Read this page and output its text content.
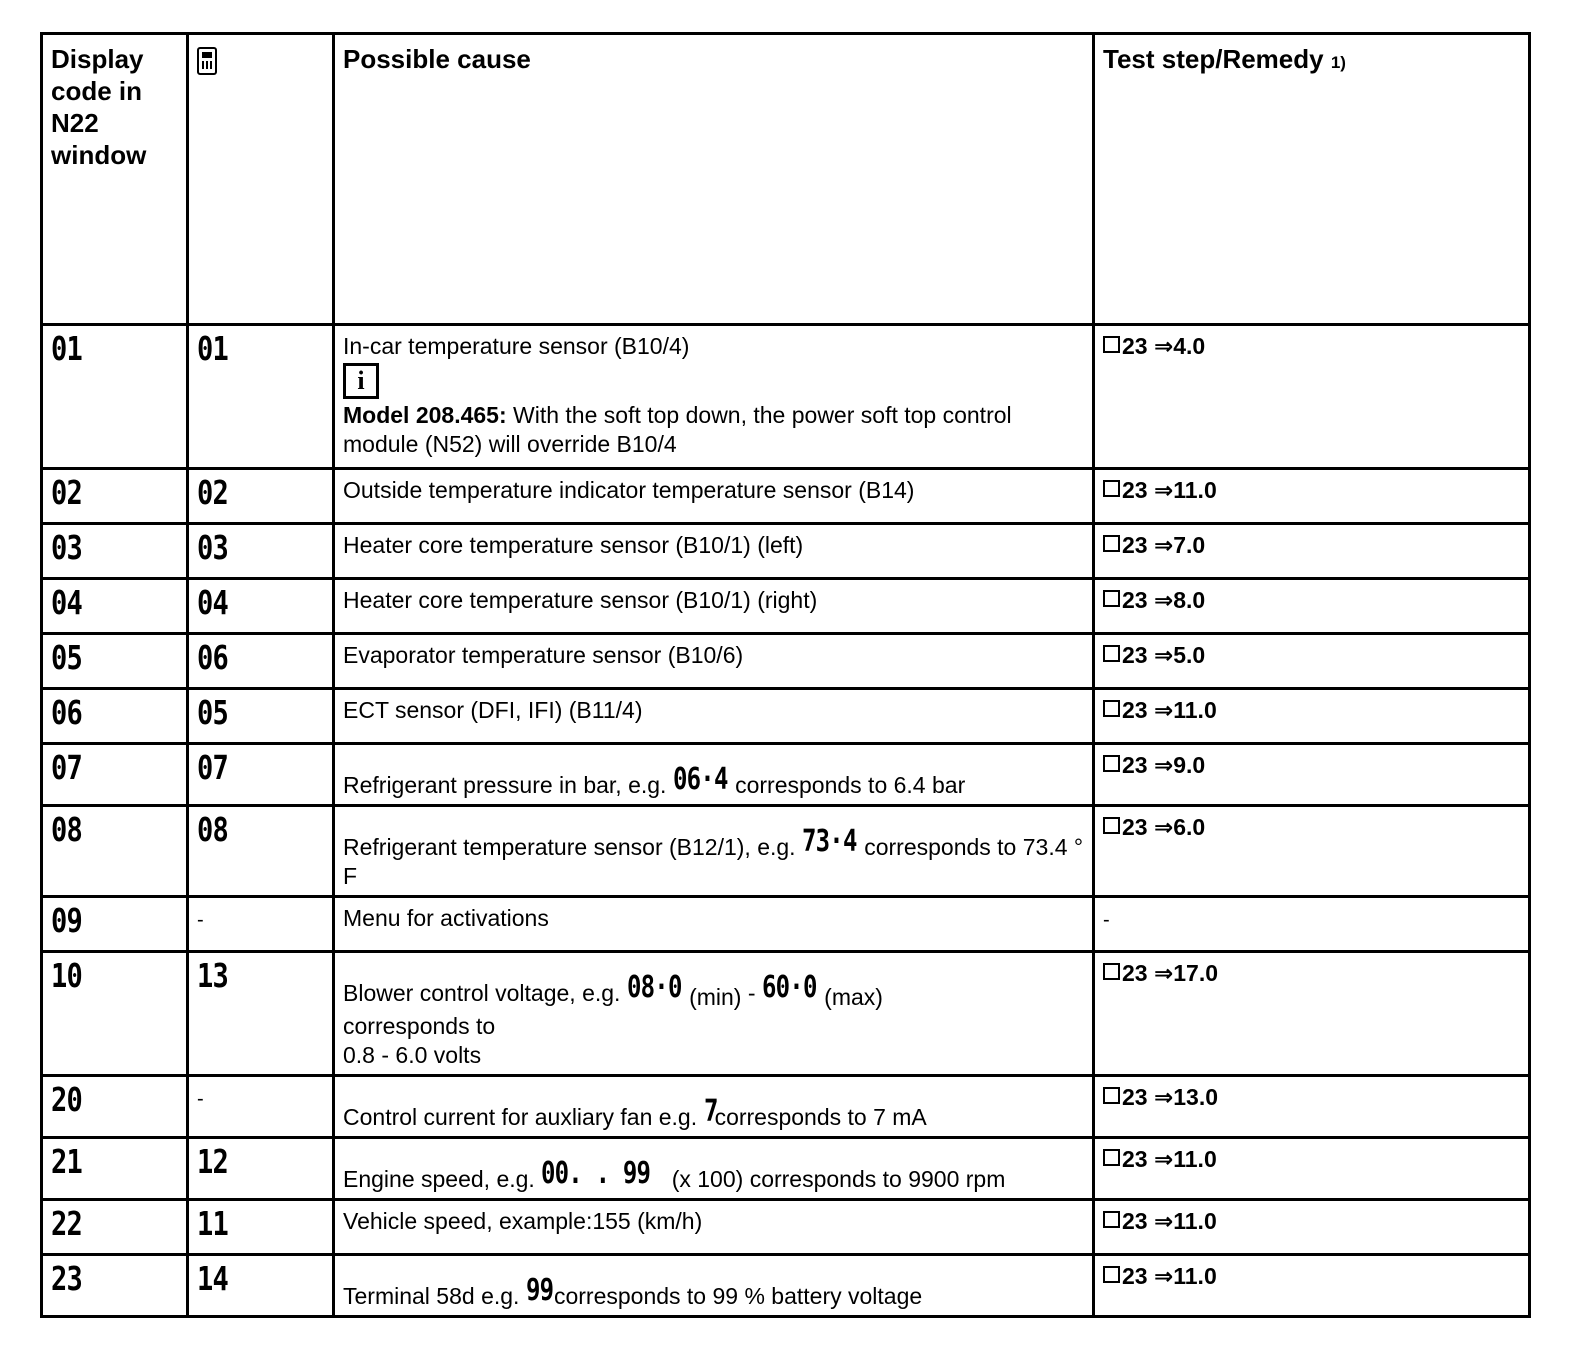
Display code in N22 window		Possible cause	Test step/Remedy 1)
01	01	In-car temperature sensor (B10/4)
i
Model 208.465: With the soft top down, the power soft top control module (N52) will override B10/4	23 ⇒4.0
02	02	Outside temperature indicator temperature sensor (B14)	23 ⇒11.0
03	03	Heater core temperature sensor (B10/1) (left)	23 ⇒7.0
04	04	Heater core temperature sensor (B10/1) (right)	23 ⇒8.0
05	06	Evaporator temperature sensor (B10/6)	23 ⇒5.0
06	05	ECT sensor (DFI, IFI) (B11/4)	23 ⇒11.0
07	07	Refrigerant pressure in bar, e.g. 06·4 corresponds to 6.4 bar	23 ⇒9.0
08	08	Refrigerant temperature sensor (B12/1), e.g. 73·4 corresponds to 73.4 ° F	23 ⇒6.0
09	-	Menu for activations	-
10	13	Blower control voltage, e.g. 08·0 (min) - 60·0 (max)
corresponds to
0.8 - 6.0 volts	23 ⇒17.0
20	-	Control current for auxliary fan e.g. 7corresponds to 7 mA	23 ⇒13.0
21	12	Engine speed, e.g. 00. . 99 (x 100) corresponds to 9900 rpm	23 ⇒11.0
22	11	Vehicle speed, example:155 (km/h)	23 ⇒11.0
23	14	Terminal 58d e.g. 99corresponds to 99 % battery voltage	23 ⇒11.0
